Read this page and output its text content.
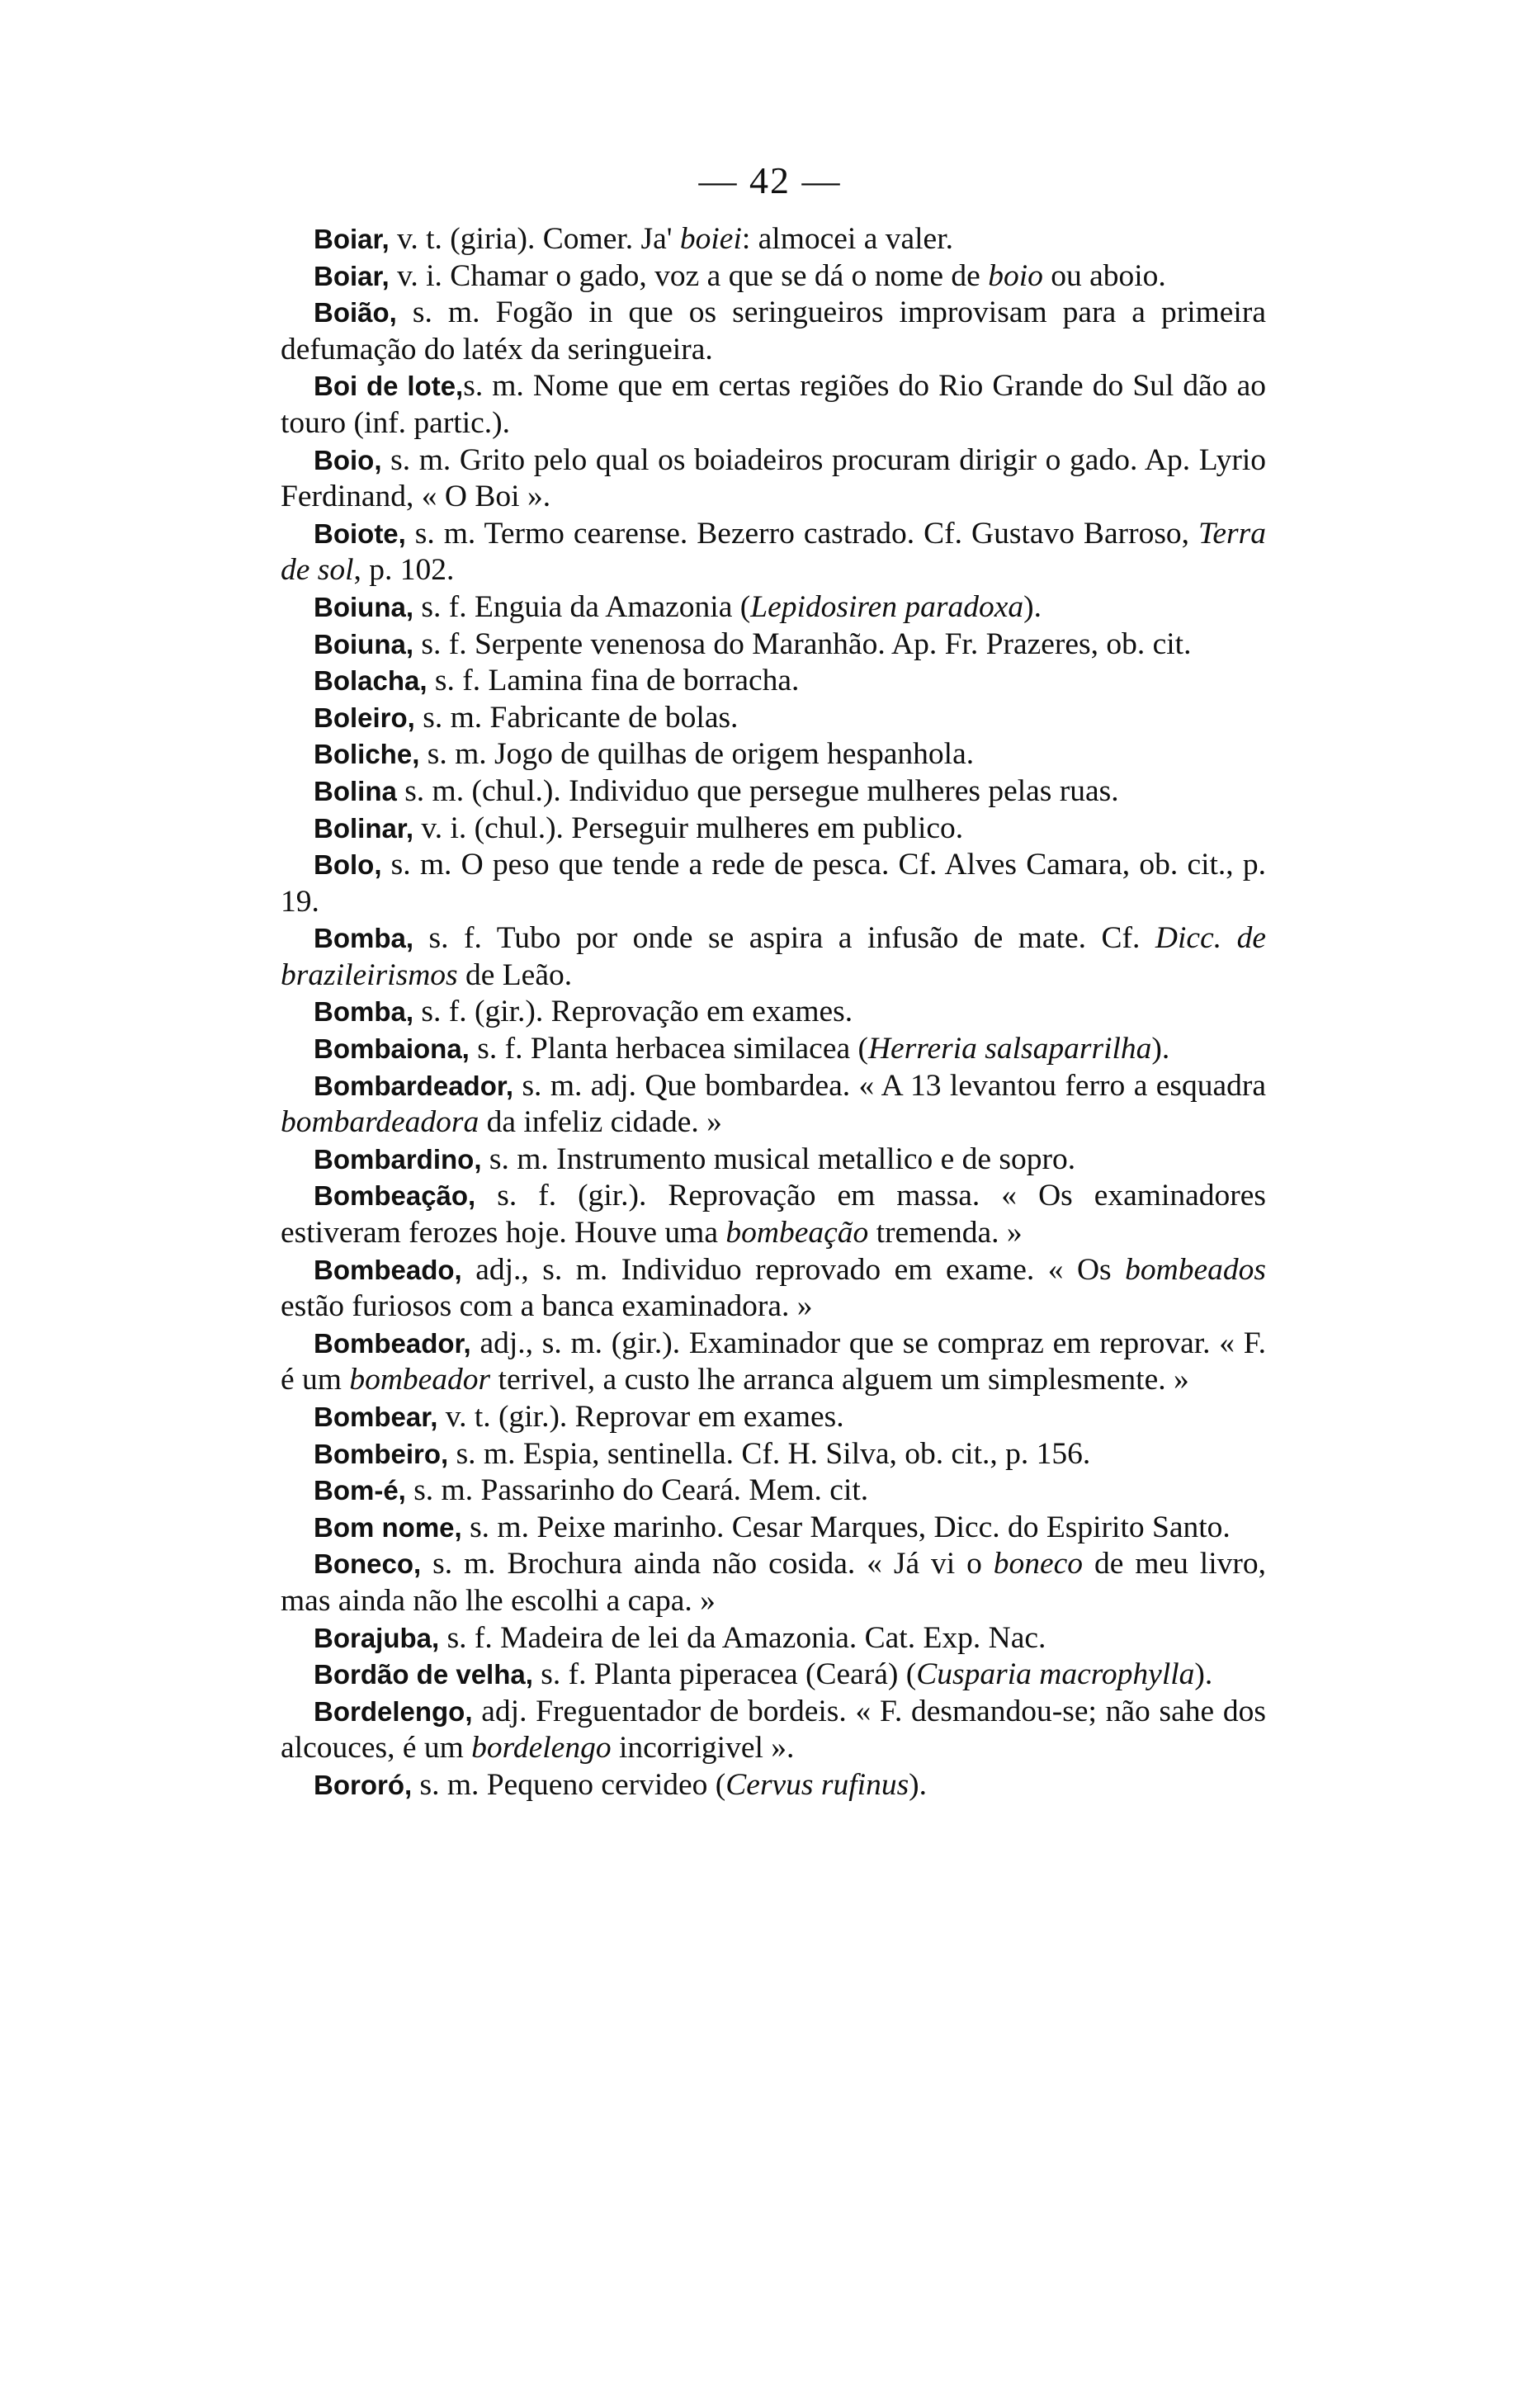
— 42 —

Boiar, v. t. (giria). Comer. Ja' boiei: almocei a valer.

Boiar, v. i. Chamar o gado, voz a que se dá o nome de boio ou aboio.

Boião, s. m. Fogão in que os seringueiros improvisam para a primeira defumação do latéx da seringueira.

Boi de lote,s. m. Nome que em certas regiões do Rio Grande do Sul dão ao touro (inf. partic.).

Boio, s. m. Grito pelo qual os boiadeiros procuram dirigir o gado. Ap. Lyrio Ferdinand, « O Boi ».

Boiote, s. m. Termo cearense. Bezerro castrado. Cf. Gustavo Barroso, Terra de sol, p. 102.

Boiuna, s. f. Enguia da Amazonia (Lepidosiren paradoxa).

Boiuna, s. f. Serpente venenosa do Maranhão. Ap. Fr. Prazeres, ob. cit.

Bolacha, s. f. Lamina fina de borracha.

Boleiro, s. m. Fabricante de bolas.

Boliche, s. m. Jogo de quilhas de origem hespanhola.

Bolina s. m. (chul.). Individuo que persegue mulheres pelas ruas.

Bolinar, v. i. (chul.). Perseguir mulheres em publico.

Bolo, s. m. O peso que tende a rede de pesca. Cf. Alves Camara, ob. cit., p. 19.

Bomba, s. f. Tubo por onde se aspira a infusão de mate. Cf. Dicc. de brazileirismos de Leão.

Bomba, s. f. (gir.). Reprovação em exames.

Bombaiona, s. f. Planta herbacea similacea (Herreria salsaparrilha).

Bombardeador, s. m. adj. Que bombardea. « A 13 levantou ferro a esquadra bombardeadora da infeliz cidade. »

Bombardino, s. m. Instrumento musical metallico e de sopro.

Bombeação, s. f. (gir.). Reprovação em massa. « Os examinadores estiveram ferozes hoje. Houve uma bombeação tremenda. »

Bombeado, adj., s. m. Individuo reprovado em exame. « Os bombeados estão furiosos com a banca examinadora. »

Bombeador, adj., s. m. (gir.). Examinador que se compraz em reprovar. « F. é um bombeador terrivel, a custo lhe arranca alguem um simplesmente. »

Bombear, v. t. (gir.). Reprovar em exames.

Bombeiro, s. m. Espia, sentinella. Cf. H. Silva, ob. cit., p. 156.

Bom-é, s. m. Passarinho do Ceará. Mem. cit.

Bom nome, s. m. Peixe marinho. Cesar Marques, Dicc. do Espirito Santo.

Boneco, s. m. Brochura ainda não cosida. « Já vi o boneco de meu livro, mas ainda não lhe escolhi a capa. »

Borajuba, s. f. Madeira de lei da Amazonia. Cat. Exp. Nac.

Bordão de velha, s. f. Planta piperacea (Ceará) (Cusparia macrophylla).

Bordelengo, adj. Freguentador de bordeis. « F. desmandou-se; não sahe dos alcouces, é um bordelengo incorrigivel ».

Bororó, s. m. Pequeno cervideo (Cervus rufinus).
